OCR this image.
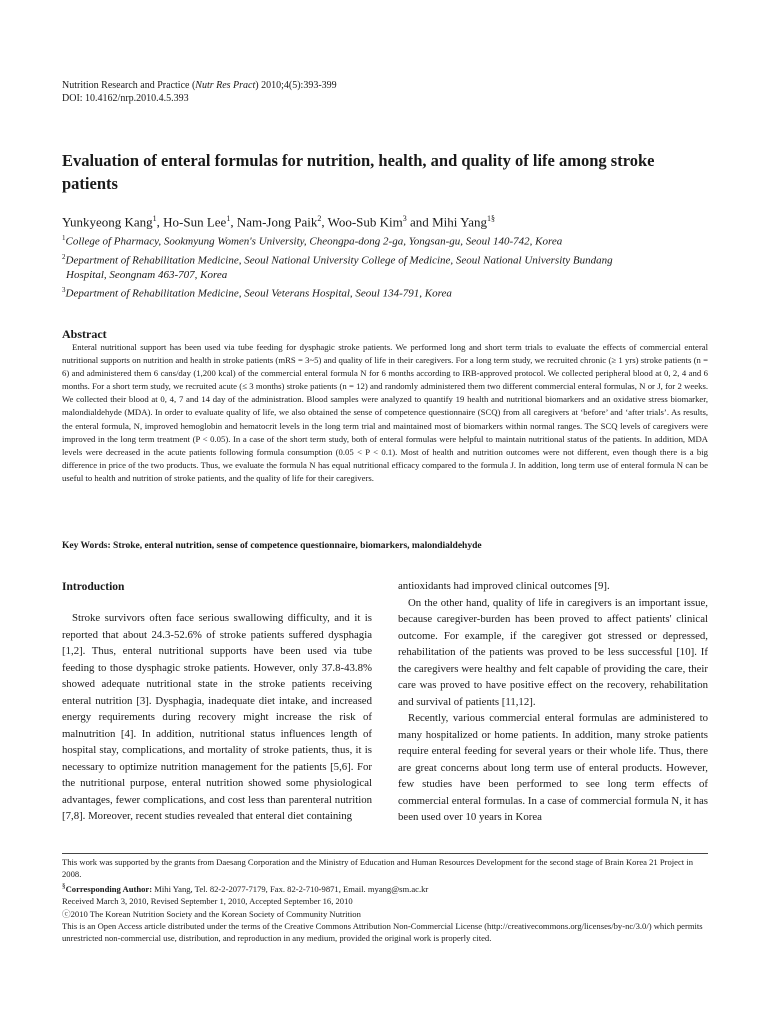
Nutrition Research and Practice (Nutr Res Pract) 2010;4(5):393-399
DOI: 10.4162/nrp.2010.4.5.393
Evaluation of enteral formulas for nutrition, health, and quality of life among stroke patients
Yunkyeong Kang$^1$, Ho-Sun Lee$^1$, Nam-Jong Paik$^2$, Woo-Sub Kim$^3$ and Mihi Yang$^{1\S}$
$^1$College of Pharmacy, Sookmyung Women's University, Cheongpa-dong 2-ga, Yongsan-gu, Seoul 140-742, Korea
$^2$Department of Rehabilitation Medicine, Seoul National University College of Medicine, Seoul National University Bundang
Hospital, Seongnam 463-707, Korea
$^3$Department of Rehabilitation Medicine, Seoul Veterans Hospital, Seoul 134-791, Korea
Abstract

Enteral nutritional support has been used via tube feeding for dysphagic stroke patients. We performed long and short term trials to evaluate the effects of commercial enteral nutritional supports on nutrition and health in stroke patients (mRS = 3~5) and quality of life in their caregivers. For a long term study, we recruited chronic (≥ 1 yrs) stroke patients (n = 6) and administered them 6 cans/day (1,200 kcal) of the commercial enteral formula N for 6 months according to IRB-approved protocol. We collected peripheral blood at 0, 2, 4 and 6 months. For a short term study, we recruited acute (≤ 3 months) stroke patients (n = 12) and randomly administered them two different commercial enteral formulas, N or J, for 2 weeks. We collected their blood at 0, 4, 7 and 14 day of the administration. Blood samples were analyzed to quantify 19 health and nutritional biomarkers and an oxidative stress biomarker, malondialdehyde (MDA). In order to evaluate quality of life, we also obtained the sense of competence questionnaire (SCQ) from all caregivers at ‘before’ and ‘after trials’. As results, the enteral formula, N, improved hemoglobin and hematocrit levels in the long term trial and maintained most of biomarkers within normal ranges. The SCQ levels of caregivers were improved in the long term treatment (P < 0.05). In a case of the short term study, both of enteral formulas were helpful to maintain nutritional status of the patients. In addition, MDA levels were decreased in the acute patients following formula consumption (0.05 < P < 0.1). Most of health and nutrition outcomes were not different, even though there is a big difference in price of the two products. Thus, we evaluate the formula N has equal nutritional efficacy compared to the formula J. In addition, long term use of enteral formula N can be useful to health and nutrition of stroke patients, and the quality of life for their caregivers.

Key Words: Stroke, enteral nutrition, sense of competence questionnaire, biomarkers, malondialdehyde
Introduction

Stroke survivors often face serious swallowing difficulty, and it is reported that about 24.3-52.6% of stroke patients suffered dysphagia [1,2]. Thus, enteral nutritional supports have been used via tube feeding to those dysphagic stroke patients. However, only 37.8-43.8% showed adequate nutritional state in the stroke patients receiving enteral nutrition [3]. Dysphagia, inadequate diet intake, and increased energy requirements during recovery might increase the risk of malnutrition [4]. In addition, nutritional status influences length of hospital stay, complications, and mortality of stroke patients, thus, it is necessary to optimize nutrition management for the patients [5,6]. For the nutritional purpose, enteral nutrition showed some physiological advantages, fewer complications, and cost less than parenteral nutrition [7,8]. Moreover, recent studies revealed that enteral diet containing

antioxidants had improved clinical outcomes [9].

On the other hand, quality of life in caregivers is an important issue, because caregiver-burden has been proved to affect patients' clinical outcome. For example, if the caregiver got stressed or depressed, rehabilitation of the patients was proved to be less successful [10]. If the caregivers were healthy and felt capable of providing the care, their care was proved to have positive effect on the recovery, rehabilitation and survival of patients [11,12].

Recently, various commercial enteral formulas are administered to many hospitalized or home patients. In addition, many stroke patients require enteral feeding for several years or their whole life. Thus, there are great concerns about long term use of enteral products. However, few studies have been performed to see long term effects of commercial enteral formulas. In a case of commercial formula N, it has been used over 10 years in Korea

This work was supported by the grants from Daesang Corporation and the Ministry of Education and Human Resources Development for the second stage of Brain Korea 21 Project in 2008.
§Corresponding Author: Mihi Yang, Tel. 82-2-2077-7179, Fax. 82-2-710-9871, Email. myang@sm.ac.kr
Received March 3, 2010, Revised September 1, 2010, Accepted September 16, 2010
ⓒ2010 The Korean Nutrition Society and the Korean Society of Community Nutrition
This is an Open Access article distributed under the terms of the Creative Commons Attribution Non-Commercial License (http://creativecommons.org/licenses/by-nc/3.0/) which permits unrestricted non-commercial use, distribution, and reproduction in any medium, provided the original work is properly cited.
